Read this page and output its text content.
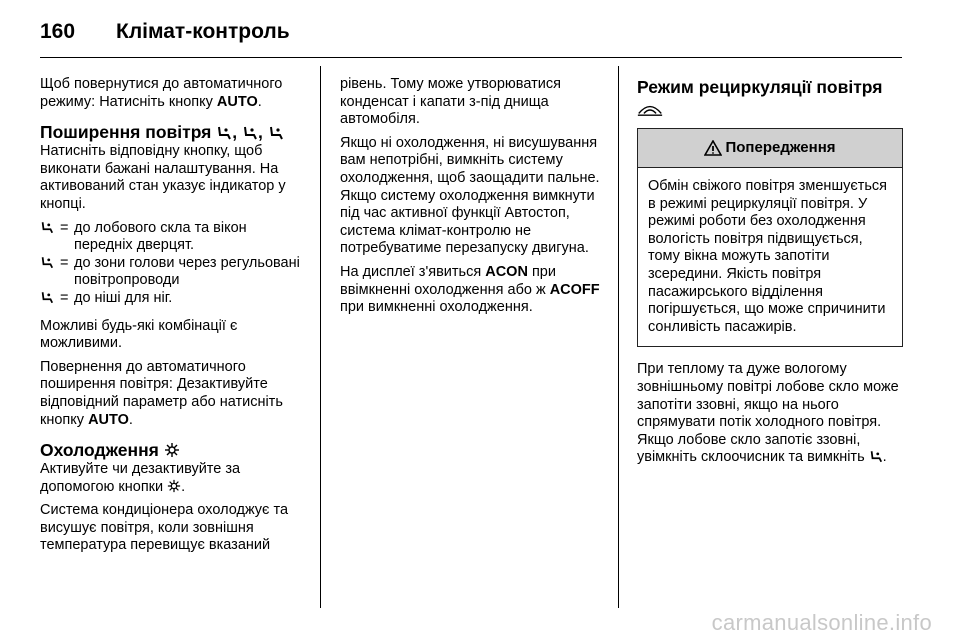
160	Клімат-контроль

Щоб повернутися до автоматичного режиму: Натисніть кнопку AUTO.

Поширення повітря , ,

Натисніть відповідну кнопку, щоб виконати бажані налаштування. На активований стан указує індикатор у кнопці.

= до лобового скла та вікон передніх дверцят.
= до зони голови через регульовані повітропроводи
= до ніші для ніг.

Можливі будь-які комбінації є можливими.

Повернення до автоматичного поширення повітря: Дезактивуйте відповідний параметр або натисніть кнопку AUTO.

Охолодження

Активуйте чи дезактивуйте за допомогою кнопки .

Система кондиціонера охолоджує та висушує повітря, коли зовнішня температура перевищує вказаний

рівень. Тому може утворюватися конденсат і капати з-під днища автомобіля.

Якщо ні охолодження, ні висушування вам непотрібні, вимкніть систему охолодження, щоб заощадити пальне. Якщо систему охолодження вимкнути під час активної функції Автостоп, система клімат-контролю не потребуватиме перезапуску двигуна.

На дисплеї з'явиться ACON при ввімкненні охолодження або ж ACOFF при вимкненні охолодження.

Режим рециркуляції повітря
Попередження
Обмін свіжого повітря зменшується в режимі рециркуляції повітря. У режимі роботи без охолодження вологість повітря підвищується, тому вікна можуть запотіти зсередини. Якість повітря пасажирського відділення погіршується, що може спричинити сонливість пасажирів.

При теплому та дуже вологому зовнішньому повітрі лобове скло може запотіти ззовні, якщо на нього спрямувати потік холодного повітря. Якщо лобове скло запотіє ззовні, увімкніть склоочисник та вимкніть .

carmanualsonline.info
